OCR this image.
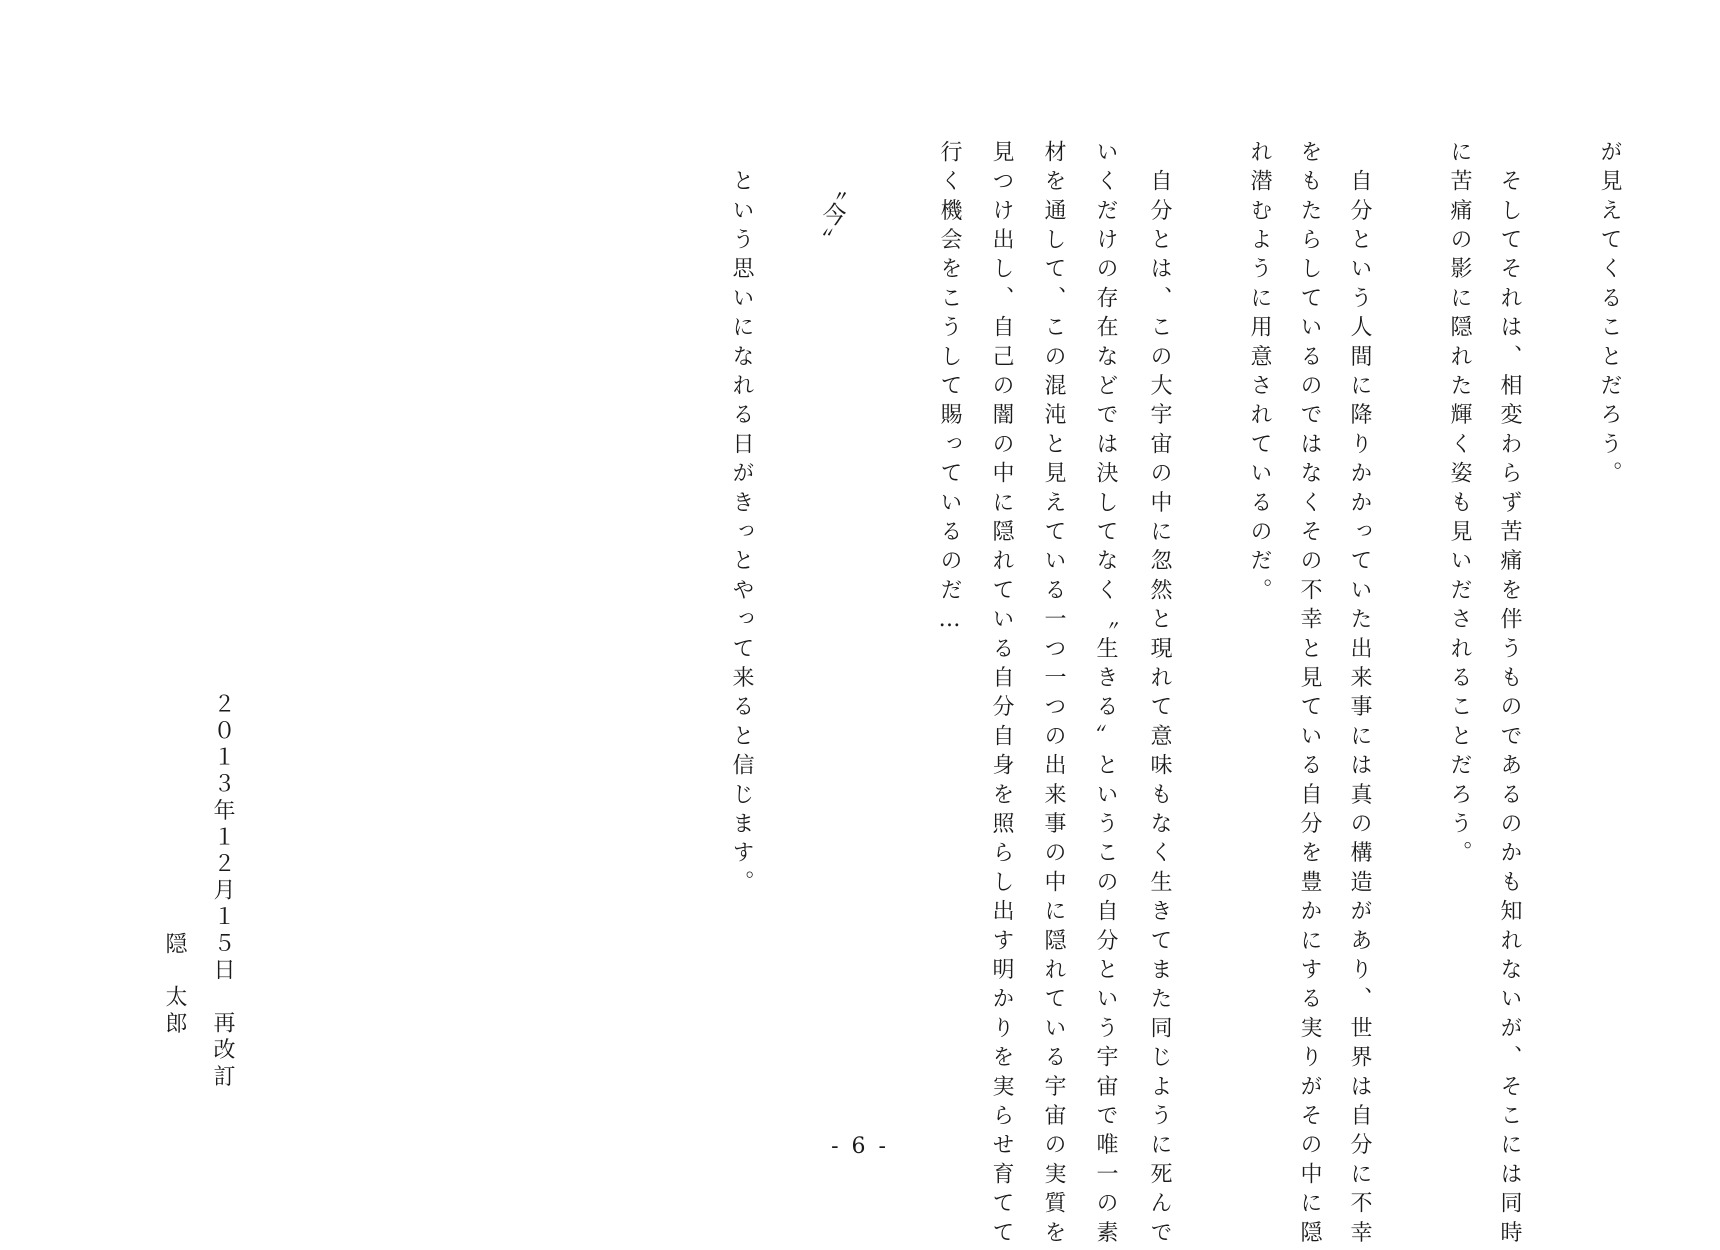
が見えてくることだろう。
　そしてそれは、相変わらず苦痛を伴うものであるのかも知れないが、そこには同時
に苦痛の影に隠れた輝く姿も見いだされることだろう。
　自分という人間に降りかかっていた出来事には真の構造があり、世界は自分に不幸
をもたらしているのではなくその不幸と見ている自分を豊かにする実りがその中に隠
れ潜むように用意されているのだ。
　自分とは、この大宇宙の中に忽然と現れて意味もなく生きてまた同じように死んで
いくだけの存在などでは決してなく〝生きる〟というこの自分という宇宙で唯一の素
材を通して、この混沌と見えている一つ一つの出来事の中に隠れている宇宙の実質を
見つけ出し、自己の闇の中に隠れている自分自身を照らし出す明かりを実らせ育てて
行く機会をこうして賜っているのだ…
〝今〟
　という思いになれる日がきっとやって来ると信じます。
２０１３年１２月１５日　再改訂
隠　太郎
- 6 -
